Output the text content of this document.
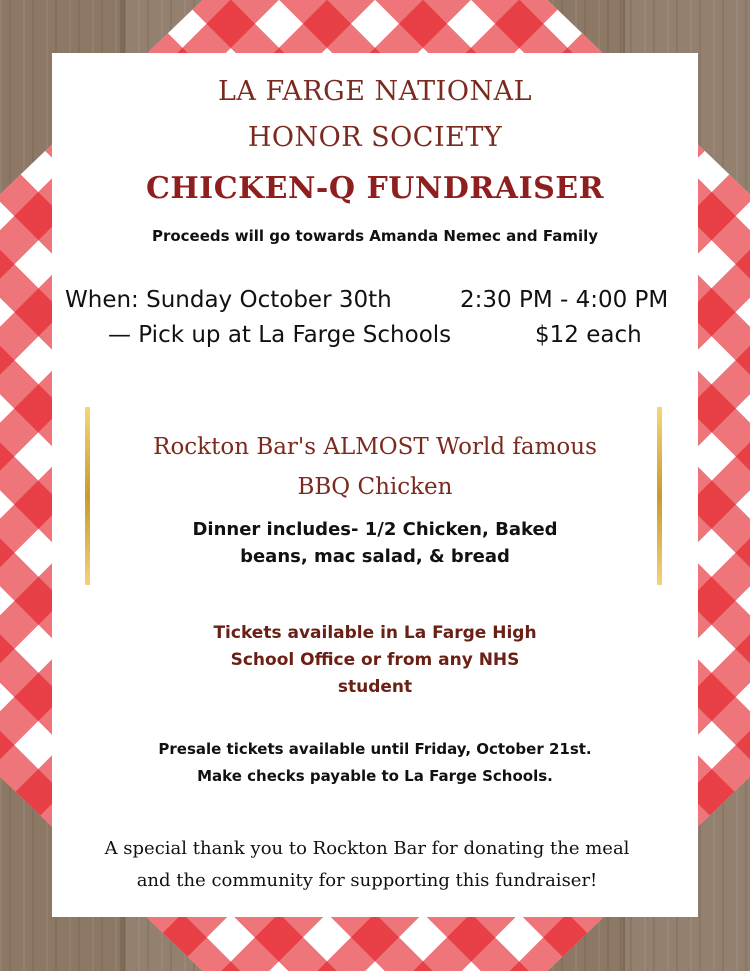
LA FARGE NATIONAL

HONOR SOCIETY

CHICKEN-Q FUNDRAISER

Proceeds will go towards Amanda Nemec and Family

When: Sunday October 30th	2:30 PM - 4:00 PM
— Pick up at La Farge Schools	$12 each

Rockton Bar's ALMOST World famous

BBQ Chicken

Dinner includes- 1/2 Chicken, Baked

beans, mac salad, & bread

Tickets available in La Farge High

School Office or from any NHS

student

Presale tickets available until Friday, October 21st.

Make checks payable to La Farge Schools.

A special thank you to Rockton Bar for donating the meal

and the community for supporting this fundraiser!
